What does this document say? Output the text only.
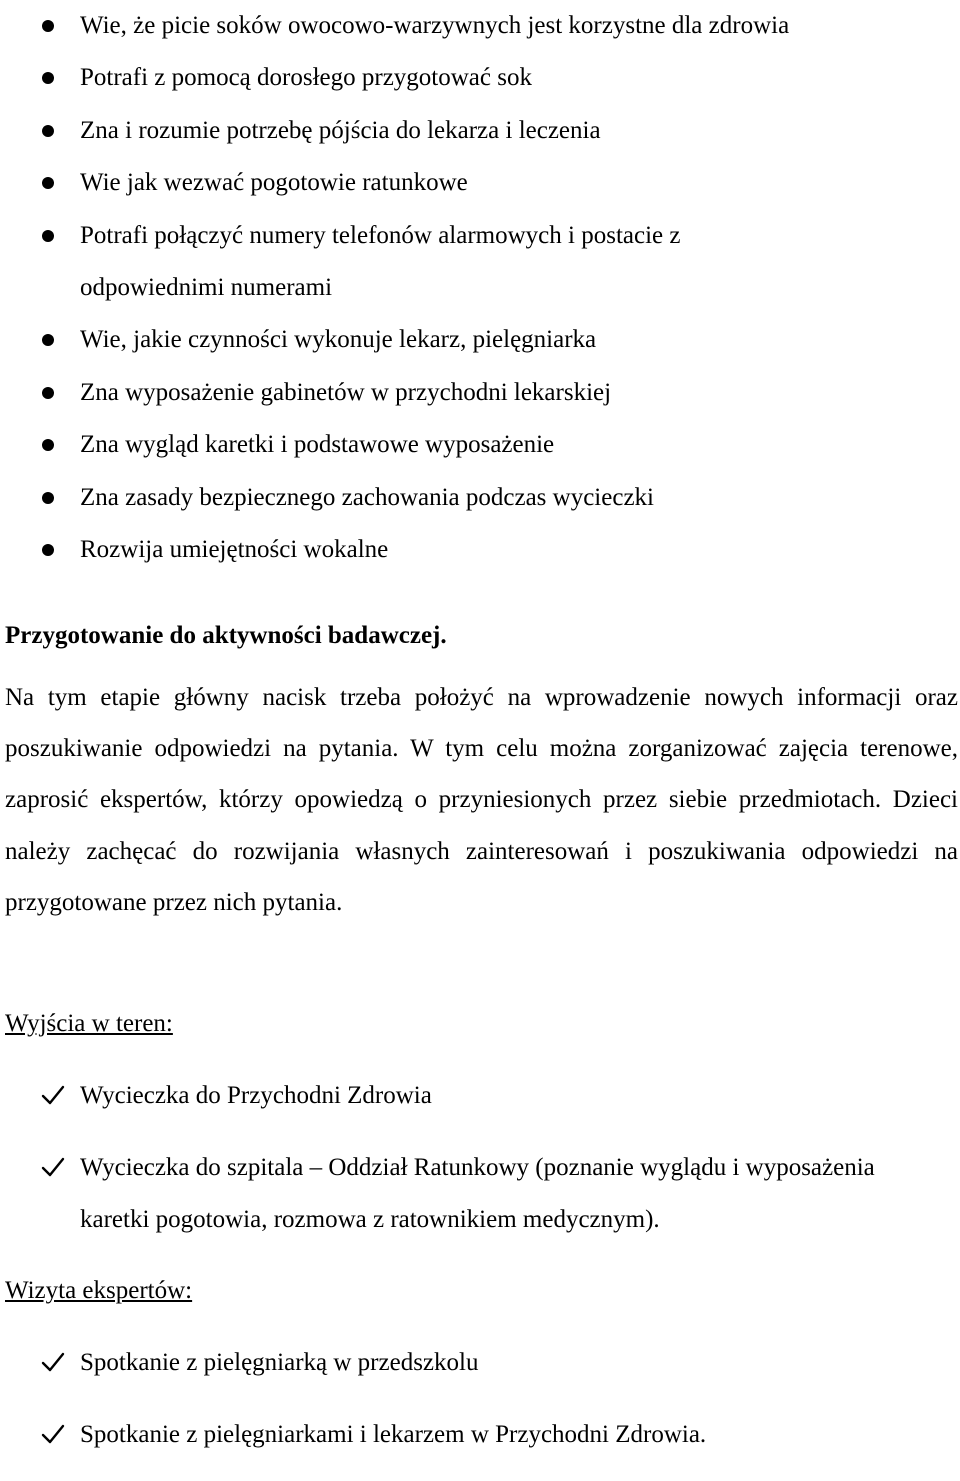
Wie, że picie soków owocowo-warzywnych jest korzystne dla zdrowia
Potrafi z pomocą dorosłego przygotować sok
Zna i rozumie potrzebę pójścia do lekarza i leczenia
Wie jak wezwać pogotowie ratunkowe
Potrafi połączyć numery telefonów alarmowych i postacie z odpowiednimi numerami
Wie, jakie czynności wykonuje lekarz, pielęgniarka
Zna wyposażenie gabinetów w przychodni lekarskiej
Zna wygląd karetki i podstawowe wyposażenie
Zna zasady bezpiecznego zachowania podczas wycieczki
Rozwija umiejętności wokalne
Przygotowanie do aktywności badawczej.

Na tym etapie główny nacisk trzeba położyć na wprowadzenie nowych informacji oraz poszukiwanie odpowiedzi na pytania. W tym celu można zorganizować zajęcia terenowe, zaprosić ekspertów, którzy opowiedzą o przyniesionych przez siebie przedmiotach. Dzieci należy zachęcać do rozwijania własnych zainteresowań i poszukiwania odpowiedzi na przygotowane przez nich pytania.

Wyjścia w teren:
Wycieczka do Przychodni Zdrowia
Wycieczka do szpitala – Oddział Ratunkowy (poznanie wyglądu i wyposażenia karetki pogotowia, rozmowa z ratownikiem medycznym).
Wizyta ekspertów:
Spotkanie z pielęgniarką w przedszkolu
Spotkanie z pielęgniarkami i lekarzem w Przychodni Zdrowia.
